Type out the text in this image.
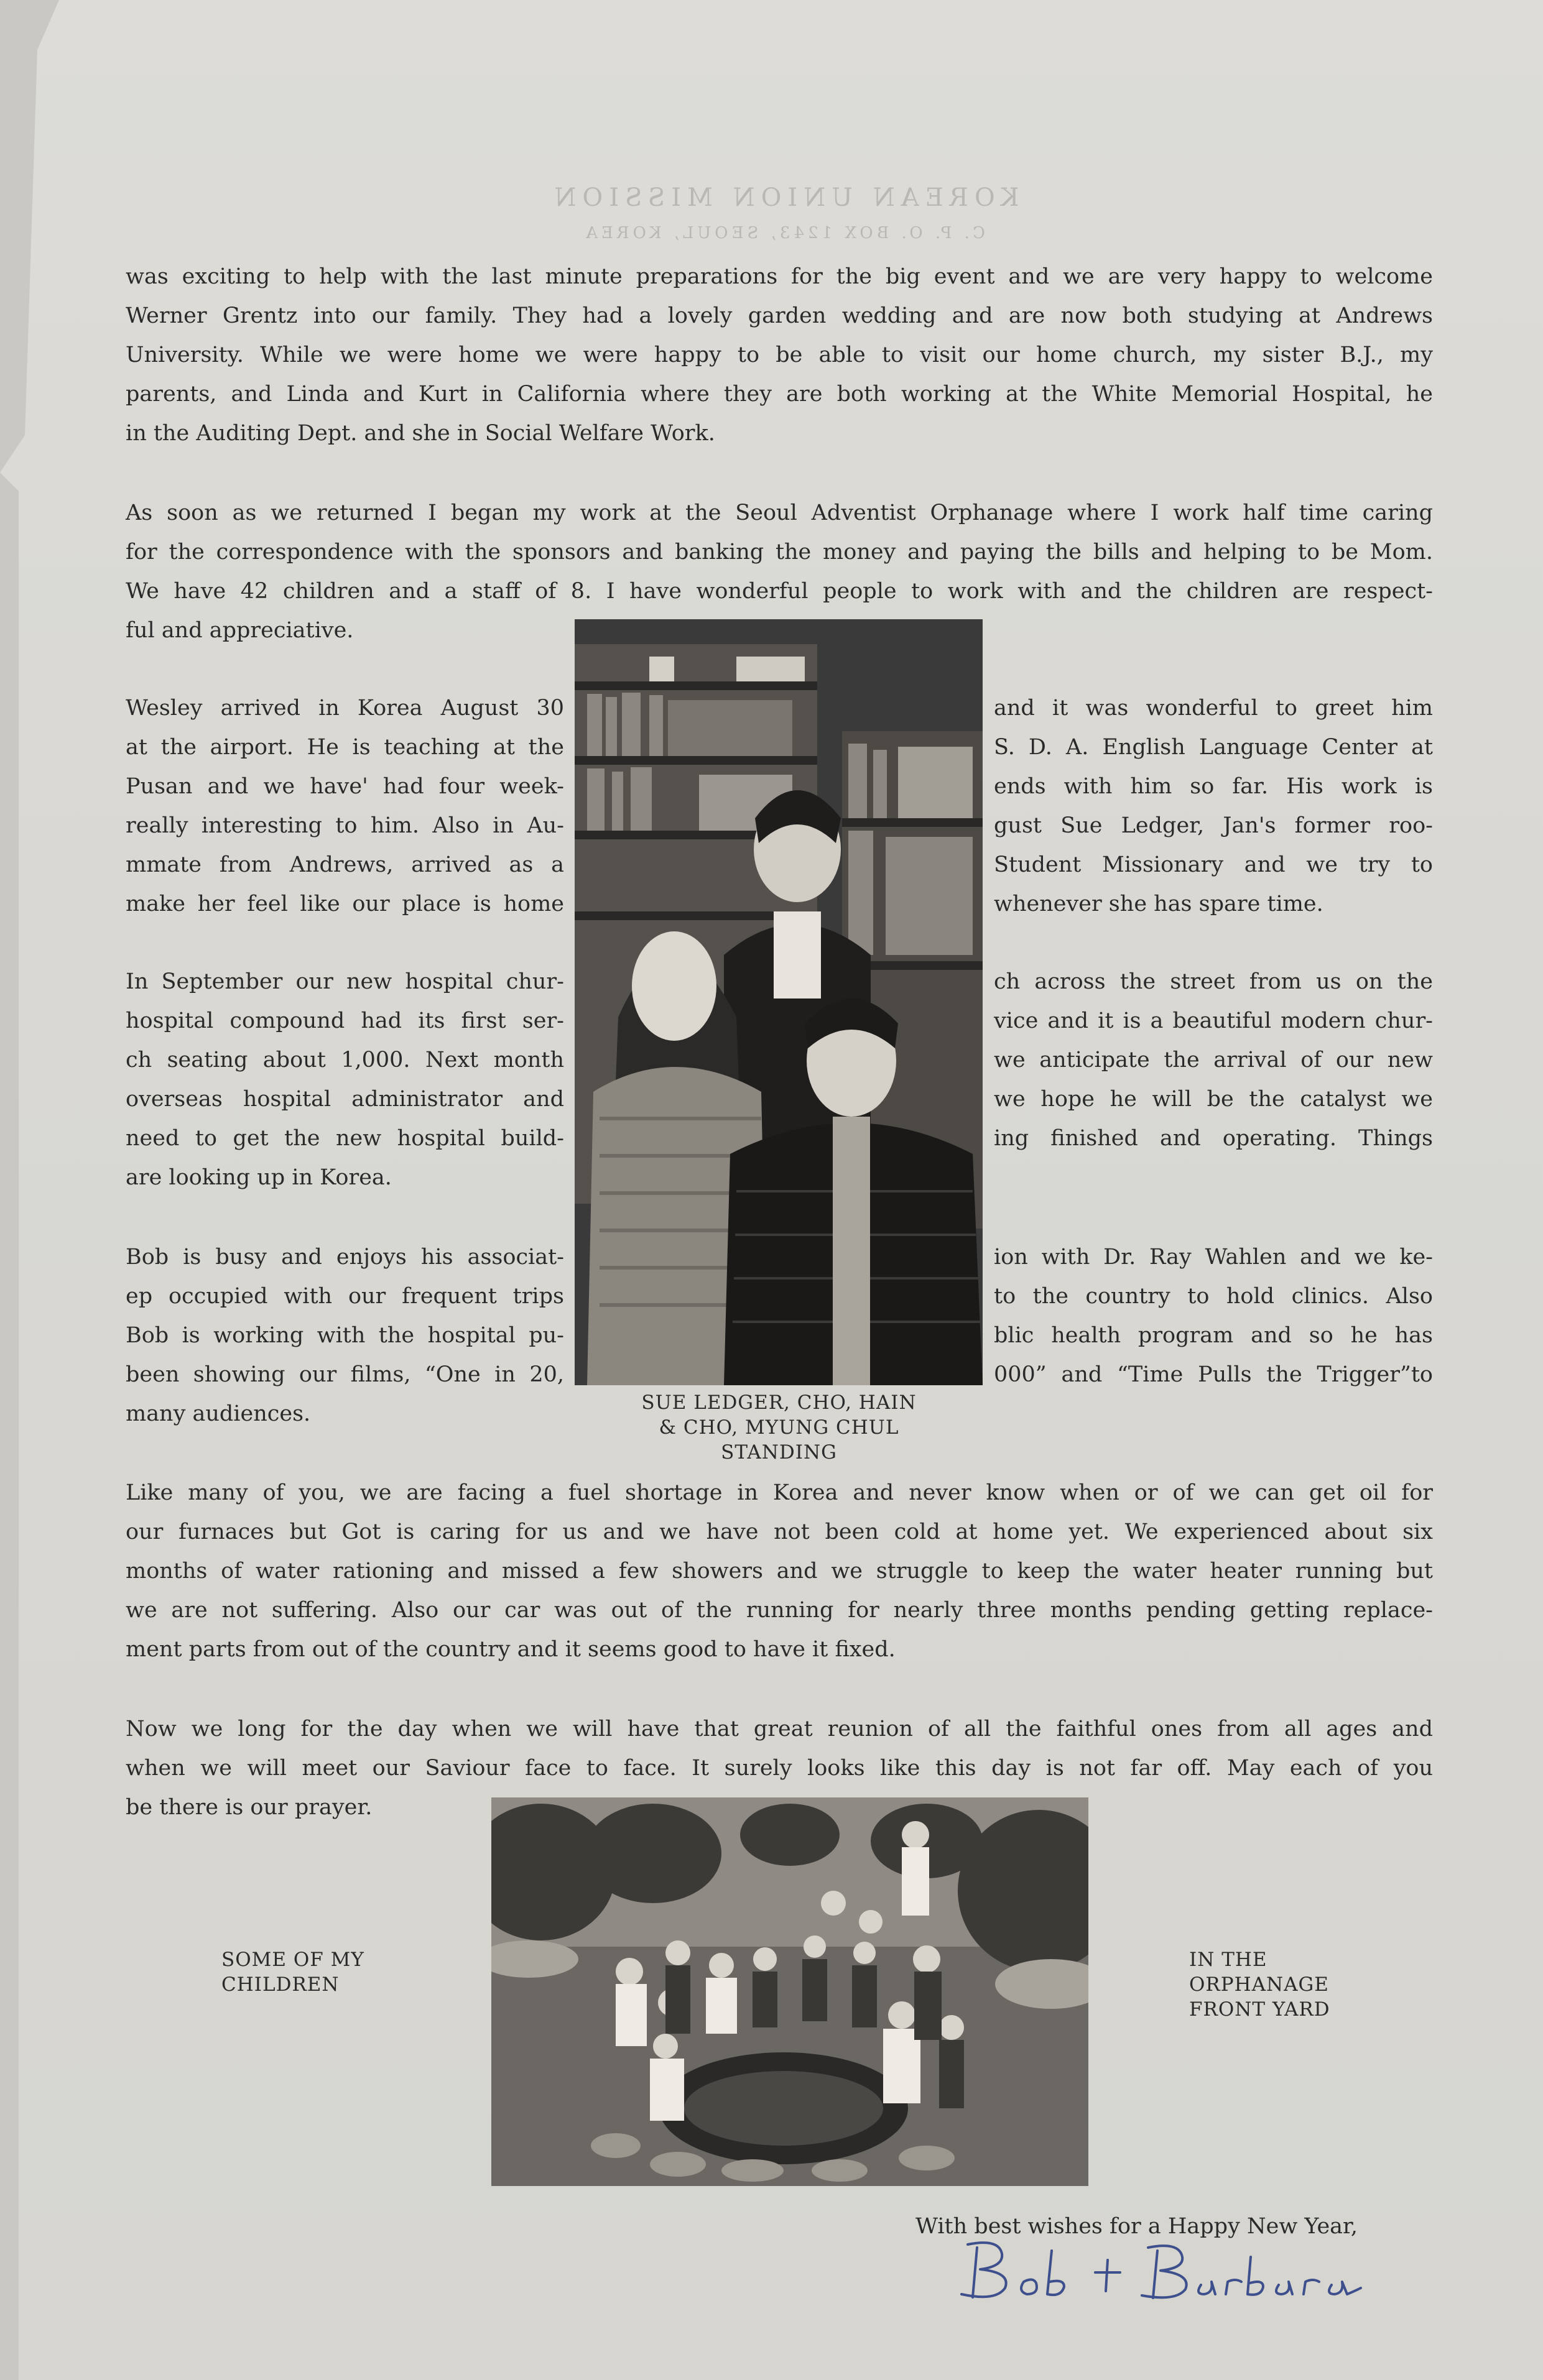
KOREAN UNION MISSION
C. P. O. BOX 1243, SEOUL, KOREA
was exciting to help with the last minute preparations for the big event and we are very happy to welcome
Werner Grentz into our family. They had a lovely garden wedding and are now both studying at Andrews
University. While we were home we were happy to be able to visit our home church, my sister B.J., my
parents, and Linda and Kurt in California where they are both working at the White Memorial Hospital, he
in the Auditing Dept. and she in Social Welfare Work.
As soon as we returned I began my work at the Seoul Adventist Orphanage where I work half time caring
for the correspondence with the sponsors and banking the money and paying the bills and helping to be Mom.
We have 42 children and a staff of 8. I have wonderful people to work with and the children are respect-
ful and appreciative.
Wesley arrived in Korea August 30
at the airport. He is teaching at the
Pusan and we have' had four week-
really interesting to him. Also in Au-
mmate from Andrews, arrived as a
make her feel like our place is home
and it was wonderful to greet him
S. D. A. English Language Center at
ends with him so far. His work is
gust Sue Ledger, Jan's former roo-
Student Missionary and we try to
whenever she has spare time.
In September our new hospital chur-
hospital compound had its first ser-
ch seating about 1,000. Next month
overseas hospital administrator and
need to get the new hospital build-
are looking up in Korea.
ch across the street from us on the
vice and it is a beautiful modern chur-
we anticipate the arrival of our new
we hope he will be the catalyst we
ing finished and operating. Things
Bob is busy and enjoys his associat-
ep occupied with our frequent trips
Bob is working with the hospital pu-
been showing our films, “One in 20,
many audiences.
ion with Dr. Ray Wahlen and we ke-
to the country to hold clinics. Also
blic health program and so he has
000” and “Time Pulls the Trigger”to
SUE LEDGER, CHO, HAIN
& CHO, MYUNG CHUL
STANDING
Like many of you, we are facing a fuel shortage in Korea and never know when or of we can get oil for
our furnaces but Got is caring for us and we have not been cold at home yet. We experienced about six
months of water rationing and missed a few showers and we struggle to keep the water heater running but
we are not suffering. Also our car was out of the running for nearly three months pending getting replace-
ment parts from out of the country and it seems good to have it fixed.
Now we long for the day when we will have that great reunion of all the faithful ones from all ages and
when we will meet our Saviour face to face. It surely looks like this day is not far off. May each of you
be there is our prayer.
SOME OF MY
CHILDREN
IN THE
ORPHANAGE
FRONT YARD
With best wishes for a Happy New Year,
